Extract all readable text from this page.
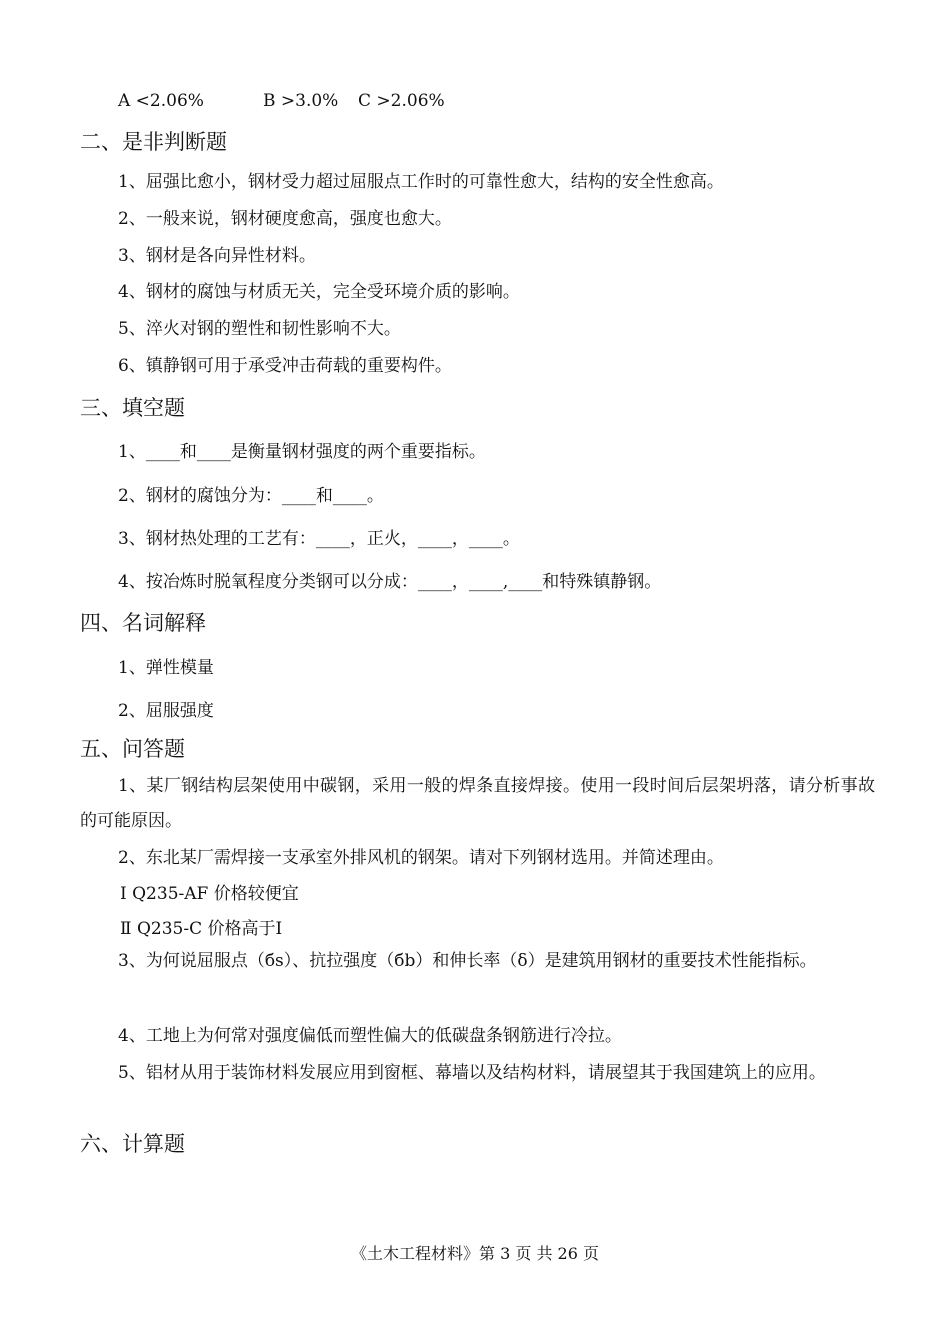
A <2.06%	B >3.0% C >2.06%
二、是非判断题
1、屈强比愈小，钢材受力超过屈服点工作时的可靠性愈大，结构的安全性愈高。
2、一般来说，钢材硬度愈高，强度也愈大。
3、钢材是各向异性材料。
4、钢材的腐蚀与材质无关，完全受环境介质的影响。
5、淬火对钢的塑性和韧性影响不大。
6、镇静钢可用于承受冲击荷载的重要构件。
三、填空题
1、____和____是衡量钢材强度的两个重要指标。
2、钢材的腐蚀分为：____和____。
3、钢材热处理的工艺有：____，正火，____，____。
4、按冶炼时脱氧程度分类钢可以分成：____，____,____和特殊镇静钢。
四、名词解释
1、弹性模量
2、屈服强度
五、问答题
1、某厂钢结构层架使用中碳钢，采用一般的焊条直接焊接。使用一段时间后层架坍落，请分析事故的可能原因。
2、东北某厂需焊接一支承室外排风机的钢架。请对下列钢材选用。并简述理由。
Ⅰ Q235-AF 价格较便宜
Ⅱ Q235-C 价格高于Ⅰ
3、为何说屈服点（бs）、抗拉强度（бb）和伸长率（δ）是建筑用钢材的重要技术性能指标。
4、工地上为何常对强度偏低而塑性偏大的低碳盘条钢筋进行冷拉。
5、铝材从用于装饰材料发展应用到窗框、幕墙以及结构材料，请展望其于我国建筑上的应用。
六、计算题
《土木工程材料》第 3 页 共 26 页
